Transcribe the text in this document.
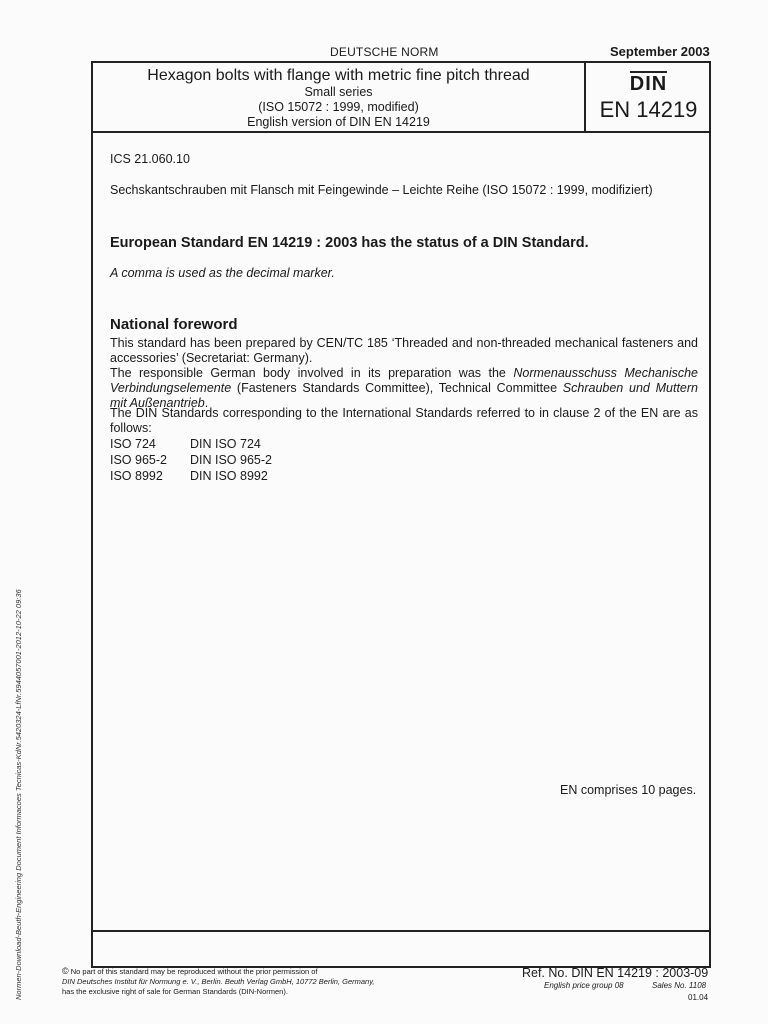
DEUTSCHE NORM	September 2003
Hexagon bolts with flange with metric fine pitch thread
Small series
(ISO 15072 : 1999, modified)
English version of DIN EN 14219
DIN
EN 14219
ICS 21.060.10
Sechskantschrauben mit Flansch mit Feingewinde – Leichte Reihe (ISO 15072 : 1999, modifiziert)
European Standard EN 14219 : 2003 has the status of a DIN Standard.
A comma is used as the decimal marker.
National foreword
This standard has been prepared by CEN/TC 185 ‘Threaded and non-threaded mechanical fasteners and accessories’ (Secretariat: Germany).
The responsible German body involved in its preparation was the Normenausschuss Mechanische Verbindungselemente (Fasteners Standards Committee), Technical Committee Schrauben und Muttern mit Außenantrieb.
The DIN Standards corresponding to the International Standards referred to in clause 2 of the EN are as follows:
ISO 724	DIN ISO 724
ISO 965-2 DIN ISO 965-2
ISO 8992 DIN ISO 8992
EN comprises 10 pages.
© No part of this standard may be reproduced without the prior permission of
DIN Deutsches Institut für Normung e. V., Berlin. Beuth Verlag GmbH, 10772 Berlin, Germany,
has the exclusive right of sale for German Standards (DIN-Normen).
Ref. No. DIN EN 14219 : 2003-09
English price group 08	Sales No. 1108
01.04
Normen-Download-Beuth-Engineering Document Informacoes Tecnicas-KdNr.5420324-LfNr.5944057001-2012-10-22 09:36
